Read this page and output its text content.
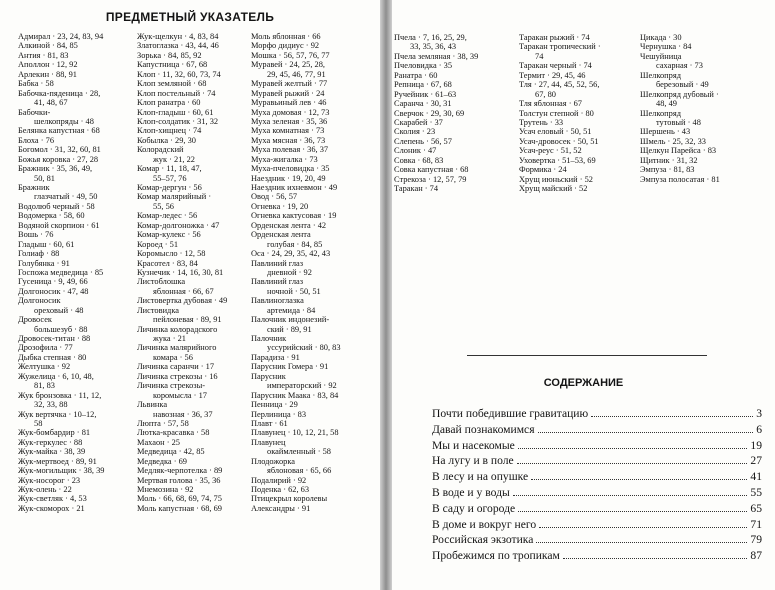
ПРЕДМЕТНЫЙ УКАЗАТЕЛЬ
Адмирал · 23, 24, 83, 94
Алкиной · 84, 85
Антия · 81, 83
Аполлон · 12, 92
Арлекин · 88, 91
Бабка · 58
Бабочка-пяденица · 28,
41, 48, 67
Бабочки-
шелкопряды · 48
Белянка капустная · 68
Блоха · 76
Богомол · 31, 32, 60, 81
Божья коровка · 27, 28
Бражник · 35, 36, 49,
50, 81
Бражник
глазчатый · 49, 50
Водолюб черный · 58
Водомерка · 58, 60
Водяной скорпион · 61
Вошь · 76
Гладыш · 60, 61
Голиаф · 88
Голубянка · 91
Госпожа медведица · 85
Гусеница · 9, 49, 66
Долгоносик · 47, 48
Долгоносик
ореховый · 48
Дровосек
большезуб · 88
Дровосек-титан · 88
Дрозофила · 77
Дыбка степная · 80
Желтушка · 92
Жужелица · 6, 10, 48,
81, 83
Жук бронзовка · 11, 12,
32, 33, 88
Жук вертячка · 10–12,
58
Жук-бомбардир · 81
Жук-геркулес · 88
Жук-майка · 38, 39
Жук-мертвоед · 89, 91
Жук-могильщик · 38, 39
Жук-носорог · 23
Жук-олень · 22
Жук-светляк · 4, 53
Жук-скоморох · 21
Жук-щелкун · 4, 83, 84
Златоглазка · 43, 44, 46
Зорька · 84, 85, 92
Капустница · 67, 68
Клоп · 11, 32, 60, 73, 74
Клоп земляной · 68
Клоп постельный · 74
Клоп ранатра · 60
Клоп-гладыш · 60, 61
Клоп-солдатик · 31, 32
Клоп-хищнец · 74
Кобылка · 29, 30
Колорадский
жук · 21, 22
Комар · 11, 18, 47,
55–57, 76
Комар-дергун · 56
Комар малярийный ·
55, 56
Комар-ледес · 56
Комар-долгоножка · 47
Комар-кулекс · 56
Короед · 51
Коромысло · 12, 58
Красотел · 83, 84
Кузнечик · 14, 16, 30, 81
Листоблошка
яблонная · 66, 67
Листовертка дубовая · 49
Листовидка
пейлоневая · 89, 91
Личинка колорадского
жука · 21
Личинка малярийного
комара · 56
Личинка саранчи · 17
Личинка стрекозы · 16
Личинка стрекозы-
коромысла · 17
Львинка
навозная · 36, 37
Люпта · 57, 58
Лютка-красавка · 58
Махаон · 25
Медведица · 42, 85
Медведка · 69
Медляк-черпотелка · 89
Мертвая голова · 35, 36
Мнемозина · 92
Моль · 66, 68, 69, 74, 75
Моль капустная · 68, 69
Моль яблонная · 66
Морфо дидиус · 92
Мошка · 56, 57, 76, 77
Муравей · 24, 25, 28,
29, 45, 46, 77, 91
Муравей желтый · 77
Муравей рыжий · 24
Муравьиный лев · 46
Муха домовая · 12, 73
Муха зеленая · 35, 36
Муха комнатная · 73
Муха мясная · 36, 73
Муха полевая · 36, 37
Муха-жигалка · 73
Муха-пчеловидка · 35
Наездник · 19, 20, 49
Наездник ихневмон · 49
Овод · 56, 57
Огневка · 19, 20
Огневка кактусовая · 19
Орденская лента · 42
Орденская лента
голубая · 84, 85
Оса · 24, 29, 35, 42, 43
Павлиний глаз
дневной · 92
Павлиний глаз
ночной · 50, 51
Павлиноглазка
артемида · 84
Палочник индонезий-
ский · 89, 91
Палочник
уссурийский · 80, 83
Парадиза · 91
Парусник Гомера · 91
Парусник
императорский · 92
Парусник Маака · 83, 84
Пенница · 29
Перлиница · 83
Плавт · 61
Плавунец · 10, 12, 21, 58
Плавунец
окаймленный · 58
Плодожорка
яблоновая · 65, 66
Подалирий · 92
Поденка · 62, 63
Птицекрыл королевы
Александры · 91
Пчела · 7, 16, 25, 29,
33, 35, 36, 43
Пчела земляная · 38, 39
Пчеловидка · 35
Ранатра · 60
Репница · 67, 68
Ручейник · 61–63
Саранча · 30, 31
Сверчок · 29, 30, 69
Скарабей · 37
Сколия · 23
Слепень · 56, 57
Слоник · 47
Совка · 68, 83
Совка капустная · 68
Стрекоза · 12, 57, 79
Таракан · 74
Таракан рыжий · 74
Таракан тропический ·
74
Таракан черный · 74
Термит · 29, 45, 46
Тля · 27, 44, 45, 52, 56,
67, 80
Тля яблонная · 67
Толстун степной · 80
Трутень · 33
Усач еловый · 50, 51
Усач-дровосек · 50, 51
Усач-реус · 51, 52
Уховертка · 51–53, 69
Формика · 24
Хрущ июньский · 52
Хрущ майский · 52
Цикада · 30
Чернушка · 84
Чешуйница
сахарная · 73
Шелкопряд
березовый · 49
Шелкопряд дубовый ·
48, 49
Шелкопряд
тутовый · 48
Шершень · 43
Шмель · 25, 32, 33
Щелкун Парейса · 83
Щитник · 31, 32
Эмпуза · 81, 83
Эмпуза полосатая · 81
СОДЕРЖАНИЕ
Почти победившие гравитацию	3
Давай познакомимся	6
Мы и насекомые	19
На лугу и в поле	27
В лесу и на опушке	41
В воде и у воды	55
В саду и огороде	65
В доме и вокруг него	71
Российская экзотика	79
Пробежимся по тропикам	87
